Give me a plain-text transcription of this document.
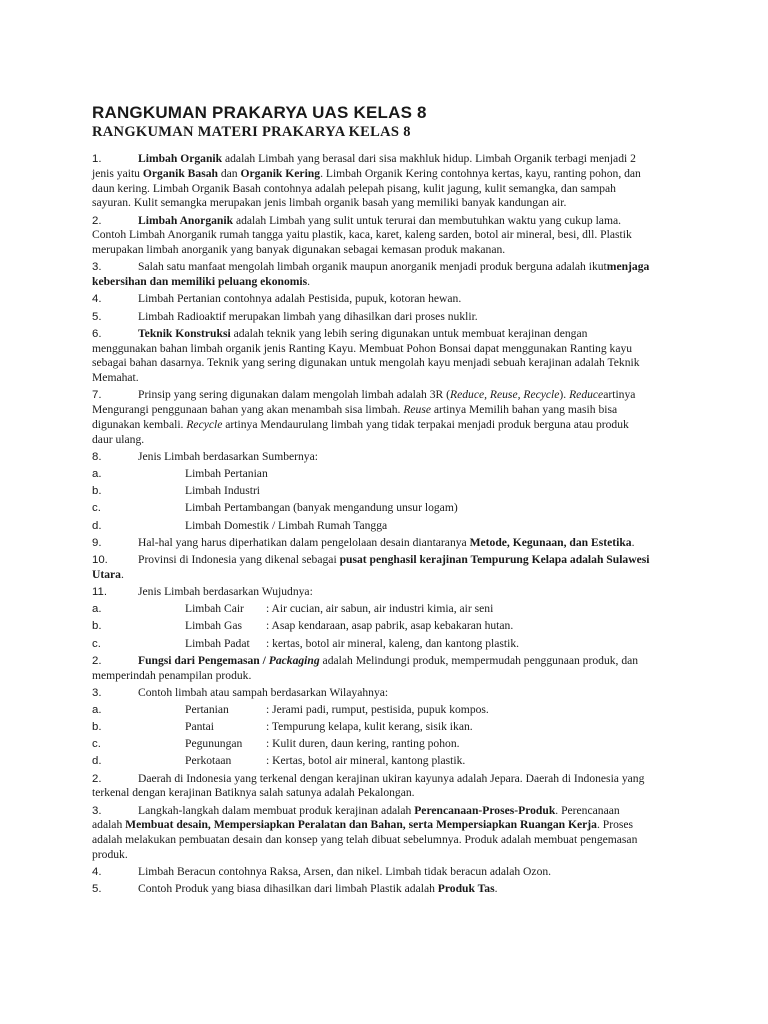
RANGKUMAN PRAKARYA UAS KELAS 8
RANGKUMAN MATERI PRAKARYA KELAS 8
1.	Limbah Organik adalah Limbah yang berasal dari sisa makhluk hidup. Limbah Organik terbagi menjadi 2 jenis yaitu Organik Basah dan Organik Kering. Limbah Organik Kering contohnya kertas, kayu, ranting pohon, dan daun kering. Limbah Organik Basah contohnya adalah pelepah pisang, kulit jagung, kulit semangka, dan sampah sayuran. Kulit semangka merupakan jenis limbah organik basah yang memiliki banyak kandungan air.
2.	Limbah Anorganik adalah Limbah yang sulit untuk terurai dan membutuhkan waktu yang cukup lama. Contoh Limbah Anorganik rumah tangga yaitu plastik, kaca, karet, kaleng sarden, botol air mineral, besi, dll. Plastik merupakan limbah anorganik yang banyak digunakan sebagai kemasan produk makanan.
3.	Salah satu manfaat mengolah limbah organik maupun anorganik menjadi produk berguna adalah ikutmenjaga kebersihan dan memiliki peluang ekonomis.
4.	Limbah Pertanian contohnya adalah Pestisida, pupuk, kotoran hewan.
5.	Limbah Radioaktif merupakan limbah yang dihasilkan dari proses nuklir.
6.	Teknik Konstruksi adalah teknik yang lebih sering digunakan untuk membuat kerajinan dengan menggunakan bahan limbah organik jenis Ranting Kayu. Membuat Pohon Bonsai dapat menggunakan Ranting kayu sebagai bahan dasarnya. Teknik yang sering digunakan untuk mengolah kayu menjadi sebuah kerajinan adalah Teknik Memahat.
7.	Prinsip yang sering digunakan dalam mengolah limbah adalah 3R (Reduce, Reuse, Recycle). Reduceartinya Mengurangi penggunaan bahan yang akan menambah sisa limbah. Reuse artinya Memilih bahan yang masih bisa digunakan kembali. Recycle artinya Mendaurulang limbah yang tidak terpakai menjadi produk berguna atau produk daur ulang.
8.	Jenis Limbah berdasarkan Sumbernya:
a.	Limbah Pertanian
b.	Limbah Industri
c.	Limbah Pertambangan (banyak mengandung unsur logam)
d.	Limbah Domestik / Limbah Rumah Tangga
9.	Hal-hal yang harus diperhatikan dalam pengelolaan desain diantaranya Metode, Kegunaan, dan Estetika.
10.	Provinsi di Indonesia yang dikenal sebagai pusat penghasil kerajinan Tempurung Kelapa adalah Sulawesi Utara.
11.	Jenis Limbah berdasarkan Wujudnya:
a.	Limbah Cair : Air cucian, air sabun, air industri kimia, air seni
b.	Limbah Gas : Asap kendaraan, asap pabrik, asap kebakaran hutan.
c.	Limbah Padat : kertas, botol air mineral, kaleng, dan kantong plastik.
2.	Fungsi dari Pengemasan / Packaging adalah Melindungi produk, mempermudah penggunaan produk, dan memperindah penampilan produk.
3.	Contoh limbah atau sampah berdasarkan Wilayahnya:
a.	Pertanian	: Jerami padi, rumput, pestisida, pupuk kompos.
b.	Pantai	: Tempurung kelapa, kulit kerang, sisik ikan.
c.	Pegunungan : Kulit duren, daun kering, ranting pohon.
d.	Perkotaan	: Kertas, botol air mineral, kantong plastik.
2.	Daerah di Indonesia yang terkenal dengan kerajinan ukiran kayunya adalah Jepara. Daerah di Indonesia yang terkenal dengan kerajinan Batiknya salah satunya adalah Pekalongan.
3.	Langkah-langkah dalam membuat produk kerajinan adalah Perencanaan-Proses-Produk. Perencanaan adalah Membuat desain, Mempersiapkan Peralatan dan Bahan, serta Mempersiapkan Ruangan Kerja. Proses adalah melakukan pembuatan desain dan konsep yang telah dibuat sebelumnya. Produk adalah membuat pengemasan produk.
4.	Limbah Beracun contohnya Raksa, Arsen, dan nikel. Limbah tidak beracun adalah Ozon.
5.	Contoh Produk yang biasa dihasilkan dari limbah Plastik adalah Produk Tas.
